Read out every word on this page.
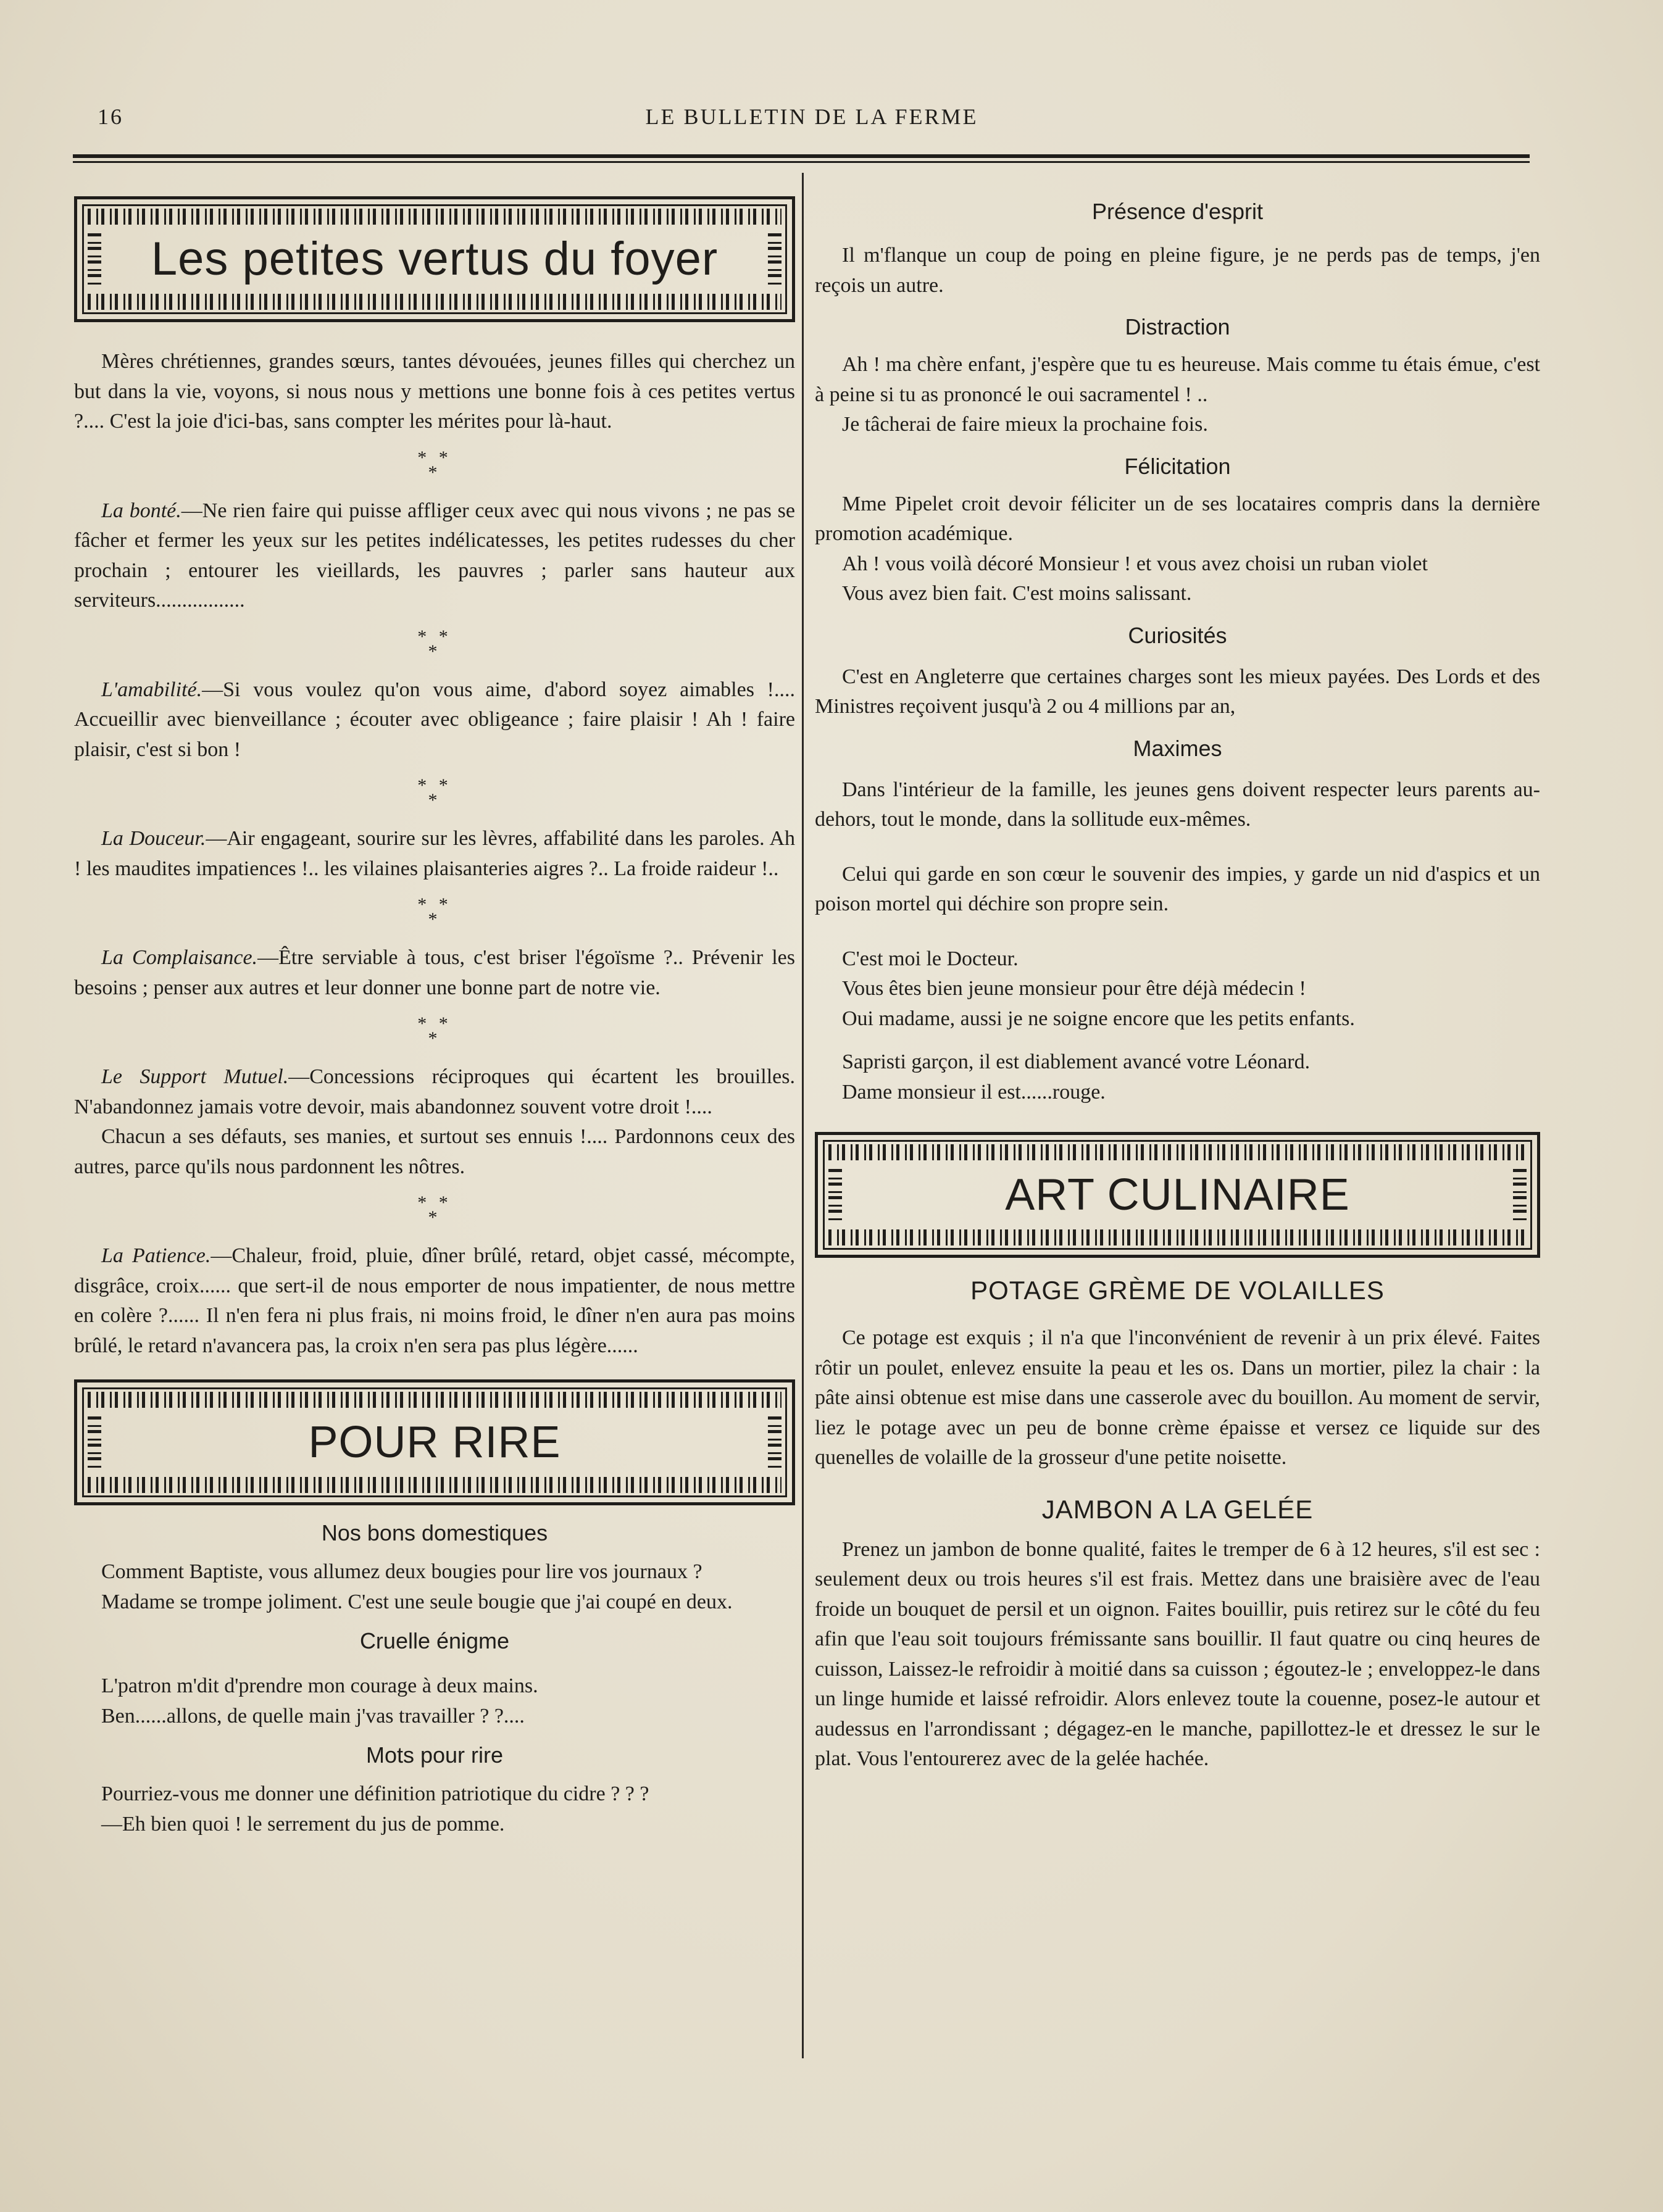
16	LE BULLETIN DE LA FERME
Les petites vertus du foyer

Mères chrétiennes, grandes sœurs, tantes dévouées, jeunes filles qui cherchez un but dans la vie, voyons, si nous nous y mettions une bonne fois à ces petites vertus ?.... C'est la joie d'ici-bas, sans compter les mérites pour là-haut.

* *
*

La bonté.—Ne rien faire qui puisse affliger ceux avec qui nous vivons ; ne pas se fâcher et fermer les yeux sur les petites indélicatesses, les petites rudesses du cher prochain ; entourer les vieillards, les pauvres ; parler sans hauteur aux serviteurs.................

* *
*

L'amabilité.—Si vous voulez qu'on vous aime, d'abord soyez aimables !.... Accueillir avec bienveillance ; écouter avec obligeance ; faire plaisir ! Ah ! faire plaisir, c'est si bon !

* *
*

La Douceur.—Air engageant, sourire sur les lèvres, affabilité dans les paroles. Ah ! les maudites impatiences !.. les vilaines plaisanteries aigres ?.. La froide raideur !..

* *
*

La Complaisance.—Être serviable à tous, c'est briser l'égoïsme ?.. Prévenir les besoins ; penser aux autres et leur donner une bonne part de notre vie.

* *
*

Le Support Mutuel.—Concessions réciproques qui écartent les brouilles. N'abandonnez jamais votre devoir, mais abandonnez souvent votre droit !....

Chacun a ses défauts, ses manies, et surtout ses ennuis !.... Pardonnons ceux des autres, parce qu'ils nous pardonnent les nôtres.

* *
*

La Patience.—Chaleur, froid, pluie, dîner brûlé, retard, objet cassé, mécompte, disgrâce, croix...... que sert-il de nous emporter de nous impatienter, de nous mettre en colère ?...... Il n'en fera ni plus frais, ni moins froid, le dîner n'en aura pas moins brûlé, le retard n'avancera pas, la croix n'en sera pas plus légère......

POUR RIRE
Nos bons domestiques

Comment Baptiste, vous allumez deux bougies pour lire vos journaux ?

Madame se trompe joliment. C'est une seule bougie que j'ai coupé en deux.

Cruelle énigme

L'patron m'dit d'prendre mon courage à deux mains.

Ben......allons, de quelle main j'vas travailler ? ?....

Mots pour rire

Pourriez-vous me donner une définition patriotique du cidre ? ? ?

—Eh bien quoi ! le serrement du jus de pomme.

Présence d'esprit

Il m'flanque un coup de poing en pleine figure, je ne perds pas de temps, j'en reçois un autre.

Distraction

Ah ! ma chère enfant, j'espère que tu es heureuse. Mais comme tu étais émue, c'est à peine si tu as prononcé le oui sacramentel ! ..

Je tâcherai de faire mieux la prochaine fois.

Félicitation

Mme Pipelet croit devoir féliciter un de ses locataires compris dans la dernière promotion académique.

Ah ! vous voilà décoré Monsieur ! et vous avez choisi un ruban violet

Vous avez bien fait. C'est moins salissant.

Curiosités

C'est en Angleterre que certaines charges sont les mieux payées. Des Lords et des Ministres reçoivent jusqu'à 2 ou 4 millions par an,

Maximes

Dans l'intérieur de la famille, les jeunes gens doivent respecter leurs parents au-dehors, tout le monde, dans la sollitude eux-mêmes.

Celui qui garde en son cœur le souvenir des impies, y garde un nid d'aspics et un poison mortel qui déchire son propre sein.

C'est moi le Docteur.

Vous êtes bien jeune monsieur pour être déjà médecin !

Oui madame, aussi je ne soigne encore que les petits enfants.

Sapristi garçon, il est diablement avancé votre Léonard.

Dame monsieur il est......rouge.

ART CULINAIRE
POTAGE GRÈME DE VOLAILLES

Ce potage est exquis ; il n'a que l'inconvénient de revenir à un prix élevé. Faites rôtir un poulet, enlevez ensuite la peau et les os. Dans un mortier, pilez la chair : la pâte ainsi obtenue est mise dans une casserole avec du bouillon. Au moment de servir, liez le potage avec un peu de bonne crème épaisse et versez ce liquide sur des quenelles de volaille de la grosseur d'une petite noisette.

JAMBON A LA GELÉE

Prenez un jambon de bonne qualité, faites le tremper de 6 à 12 heures, s'il est sec : seulement deux ou trois heures s'il est frais. Mettez dans une braisière avec de l'eau froide un bouquet de persil et un oignon. Faites bouillir, puis retirez sur le côté du feu afin que l'eau soit toujours frémissante sans bouillir. Il faut quatre ou cinq heures de cuisson, Laissez-le refroidir à moitié dans sa cuisson ; égoutez-le ; enveloppez-le dans un linge humide et laissé refroidir. Alors enlevez toute la couenne, posez-le autour et audessus en l'arrondissant ; dégagez-en le manche, papillottez-le et dressez le sur le plat. Vous l'entourerez avec de la gelée hachée.
